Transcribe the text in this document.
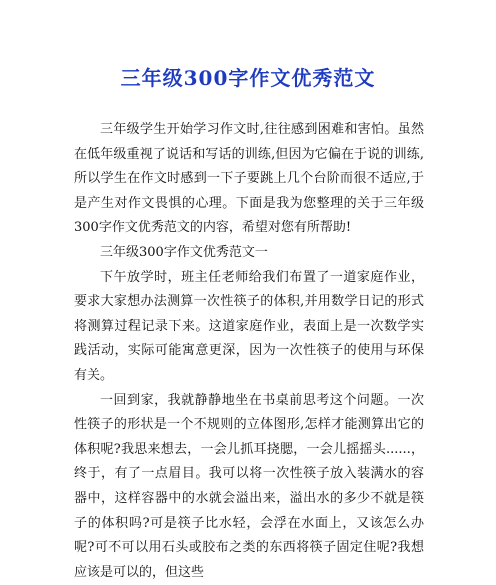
三年级300字作文优秀范文

三年级学生开始学习作文时,往往感到困难和害怕。虽然在低年级重视了说话和写话的训练,但因为它偏在于说的训练,所以学生在作文时感到一下子要跳上几个台阶而很不适应,于是产生对作文畏惧的心理。下面是我为您整理的关于三年级300字作文优秀范文的内容，希望对您有所帮助!

三年级300字作文优秀范文一

下午放学时，班主任老师给我们布置了一道家庭作业，要求大家想办法测算一次性筷子的体积,并用数学日记的形式将测算过程记录下来。这道家庭作业，表面上是一次数学实践活动，实际可能寓意更深，因为一次性筷子的使用与环保有关。

一回到家，我就静静地坐在书桌前思考这个问题。一次性筷子的形状是一个不规则的立体图形,怎样才能测算出它的体积呢?我思来想去，一会儿抓耳挠腮，一会儿摇摇头......，终于，有了一点眉目。我可以将一次性筷子放入装满水的容器中，这样容器中的水就会溢出来，溢出水的多少不就是筷子的体积吗?可是筷子比水轻，会浮在水面上，又该怎么办呢?可不可以用石头或胶布之类的东西将筷子固定住呢?我想应该是可以的，但这些
